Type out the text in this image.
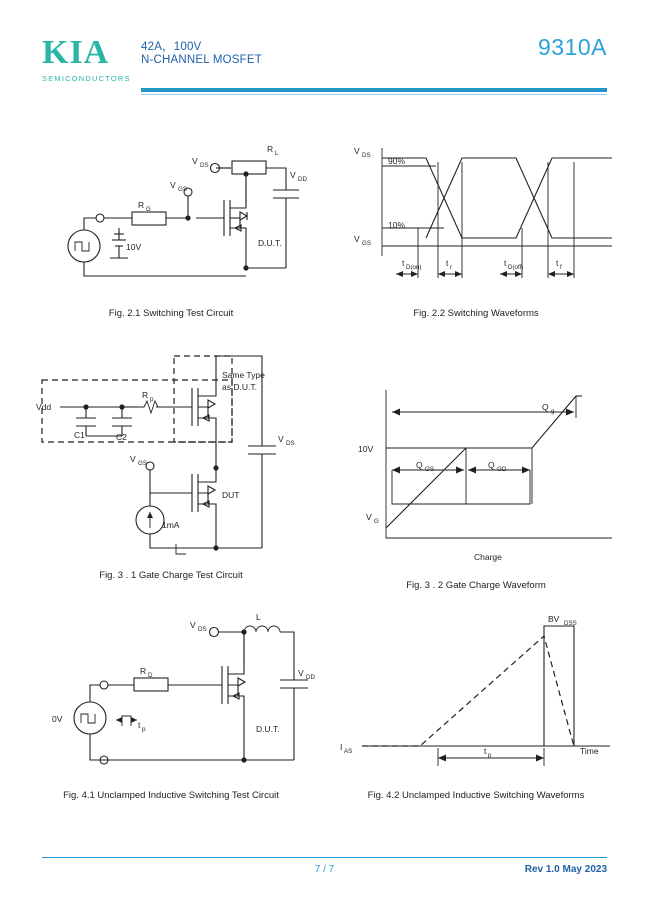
KIA
SEMICONDUCTORS
42A，100V
N-CHANNEL MOSFET	9310A
V DS
R L
V DD
V GS
R G
10V	D.U.T.
Fig. 2.1 Switching Test Circuit
V DS
V GS
90%
10%
t D(on)	t r	t D(off)	t f
Fig. 2.2 Switching Waveforms
Vdd
C1	C2
R p
Same Type
as D.U.T.
V DS
V GS
1mA
DUT
Fig. 3 . 1 Gate Charge Test Circuit
Q g
Q GS	Q GD
10V
V G
Charge
Fig. 3 . 2 Gate Charge Waveform
V DS
L
V DD
R D
0V
t p	D.U.T.
Fig. 4.1 Unclamped Inductive Switching Test Circuit
BV DSS
I AS	t p	Time
Fig. 4.2 Unclamped Inductive Switching Waveforms
7 / 7	Rev 1.0 May 2023
